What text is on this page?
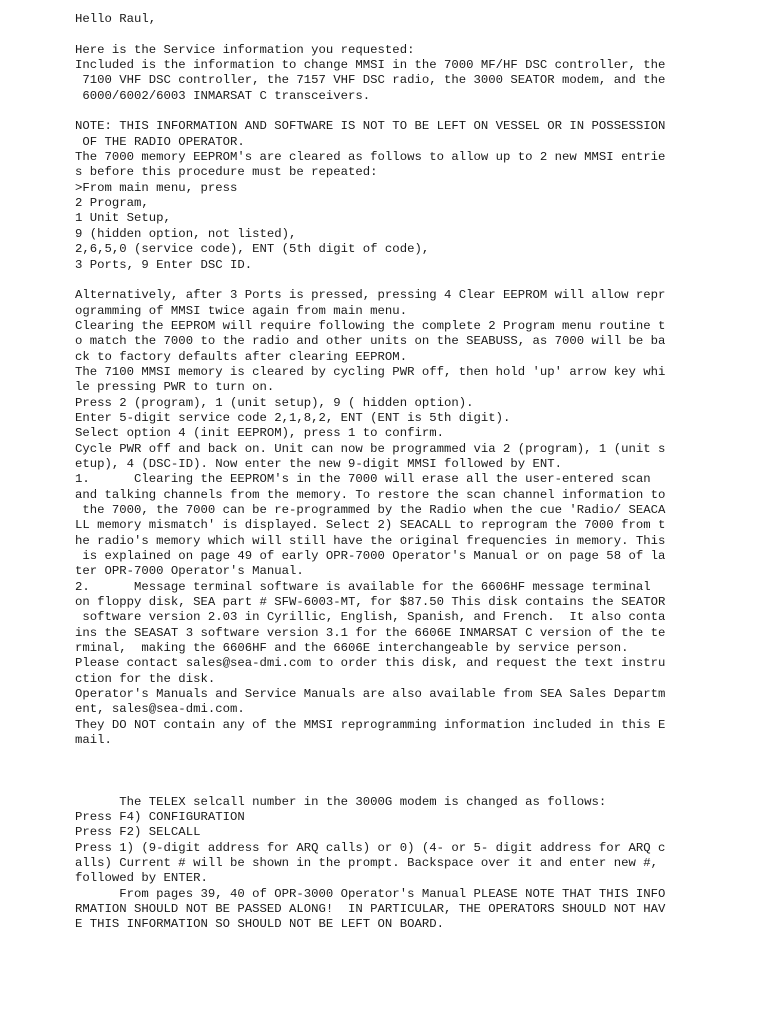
Hello Raul,
Here is the Service information you requested:
Included is the information to change MMSI in the 7000 MF/HF DSC controller, the
7100 VHF DSC controller, the 7157 VHF DSC radio, the 3000 SEATOR modem, and the
6000/6002/6003 INMARSAT C transceivers.
NOTE: THIS INFORMATION AND SOFTWARE IS NOT TO BE LEFT ON VESSEL OR IN POSSESSION
OF THE RADIO OPERATOR.
The 7000 memory EEPROM's are cleared as follows to allow up to 2 new MMSI entrie
s before this procedure must be repeated:
>From main menu, press
2 Program,
1 Unit Setup,
9 (hidden option, not listed),
2,6,5,0 (service code), ENT (5th digit of code),
3 Ports, 9 Enter DSC ID.
Alternatively, after 3 Ports is pressed, pressing 4 Clear EEPROM will allow repr
ogramming of MMSI twice again from main menu.
Clearing the EEPROM will require following the complete 2 Program menu routine t
o match the 7000 to the radio and other units on the SEABUSS, as 7000 will be ba
ck to factory defaults after clearing EEPROM.
The 7100 MMSI memory is cleared by cycling PWR off, then hold 'up' arrow key whi
le pressing PWR to turn on.
Press 2 (program), 1 (unit setup), 9 ( hidden option).
Enter 5-digit service code 2,1,8,2, ENT (ENT is 5th digit).
Select option 4 (init EEPROM), press 1 to confirm.
Cycle PWR off and back on. Unit can now be programmed via 2 (program), 1 (unit s
etup), 4 (DSC-ID). Now enter the new 9-digit MMSI followed by ENT.
1.      Clearing the EEPROM's in the 7000 will erase all the user-entered scan
and talking channels from the memory. To restore the scan channel information to
the 7000, the 7000 can be re-programmed by the Radio when the cue 'Radio/ SEACA
LL memory mismatch' is displayed. Select 2) SEACALL to reprogram the 7000 from t
he radio's memory which will still have the original frequencies in memory. This
is explained on page 49 of early OPR-7000 Operator's Manual or on page 58 of la
ter OPR-7000 Operator's Manual.
2.      Message terminal software is available for the 6606HF message terminal
on floppy disk, SEA part # SFW-6003-MT, for $87.50 This disk contains the SEATOR
software version 2.03 in Cyrillic, English, Spanish, and French.  It also conta
ins the SEASAT 3 software version 3.1 for the 6606E INMARSAT C version of the te
rminal,  making the 6606HF and the 6606E interchangeable by service person.
Please contact sales@sea-dmi.com to order this disk, and request the text instru
ction for the disk.
Operator's Manuals and Service Manuals are also available from SEA Sales Departm
ent, sales@sea-dmi.com.
They DO NOT contain any of the MMSI reprogramming information included in this E
mail.
The TELEX selcall number in the 3000G modem is changed as follows:
Press F4) CONFIGURATION
Press F2) SELCALL
Press 1) (9-digit address for ARQ calls) or 0) (4- or 5- digit address for ARQ c
alls) Current # will be shown in the prompt. Backspace over it and enter new #,
followed by ENTER.
From pages 39, 40 of OPR-3000 Operator's Manual PLEASE NOTE THAT THIS INFO
RMATION SHOULD NOT BE PASSED ALONG!  IN PARTICULAR, THE OPERATORS SHOULD NOT HAV
E THIS INFORMATION SO SHOULD NOT BE LEFT ON BOARD.
